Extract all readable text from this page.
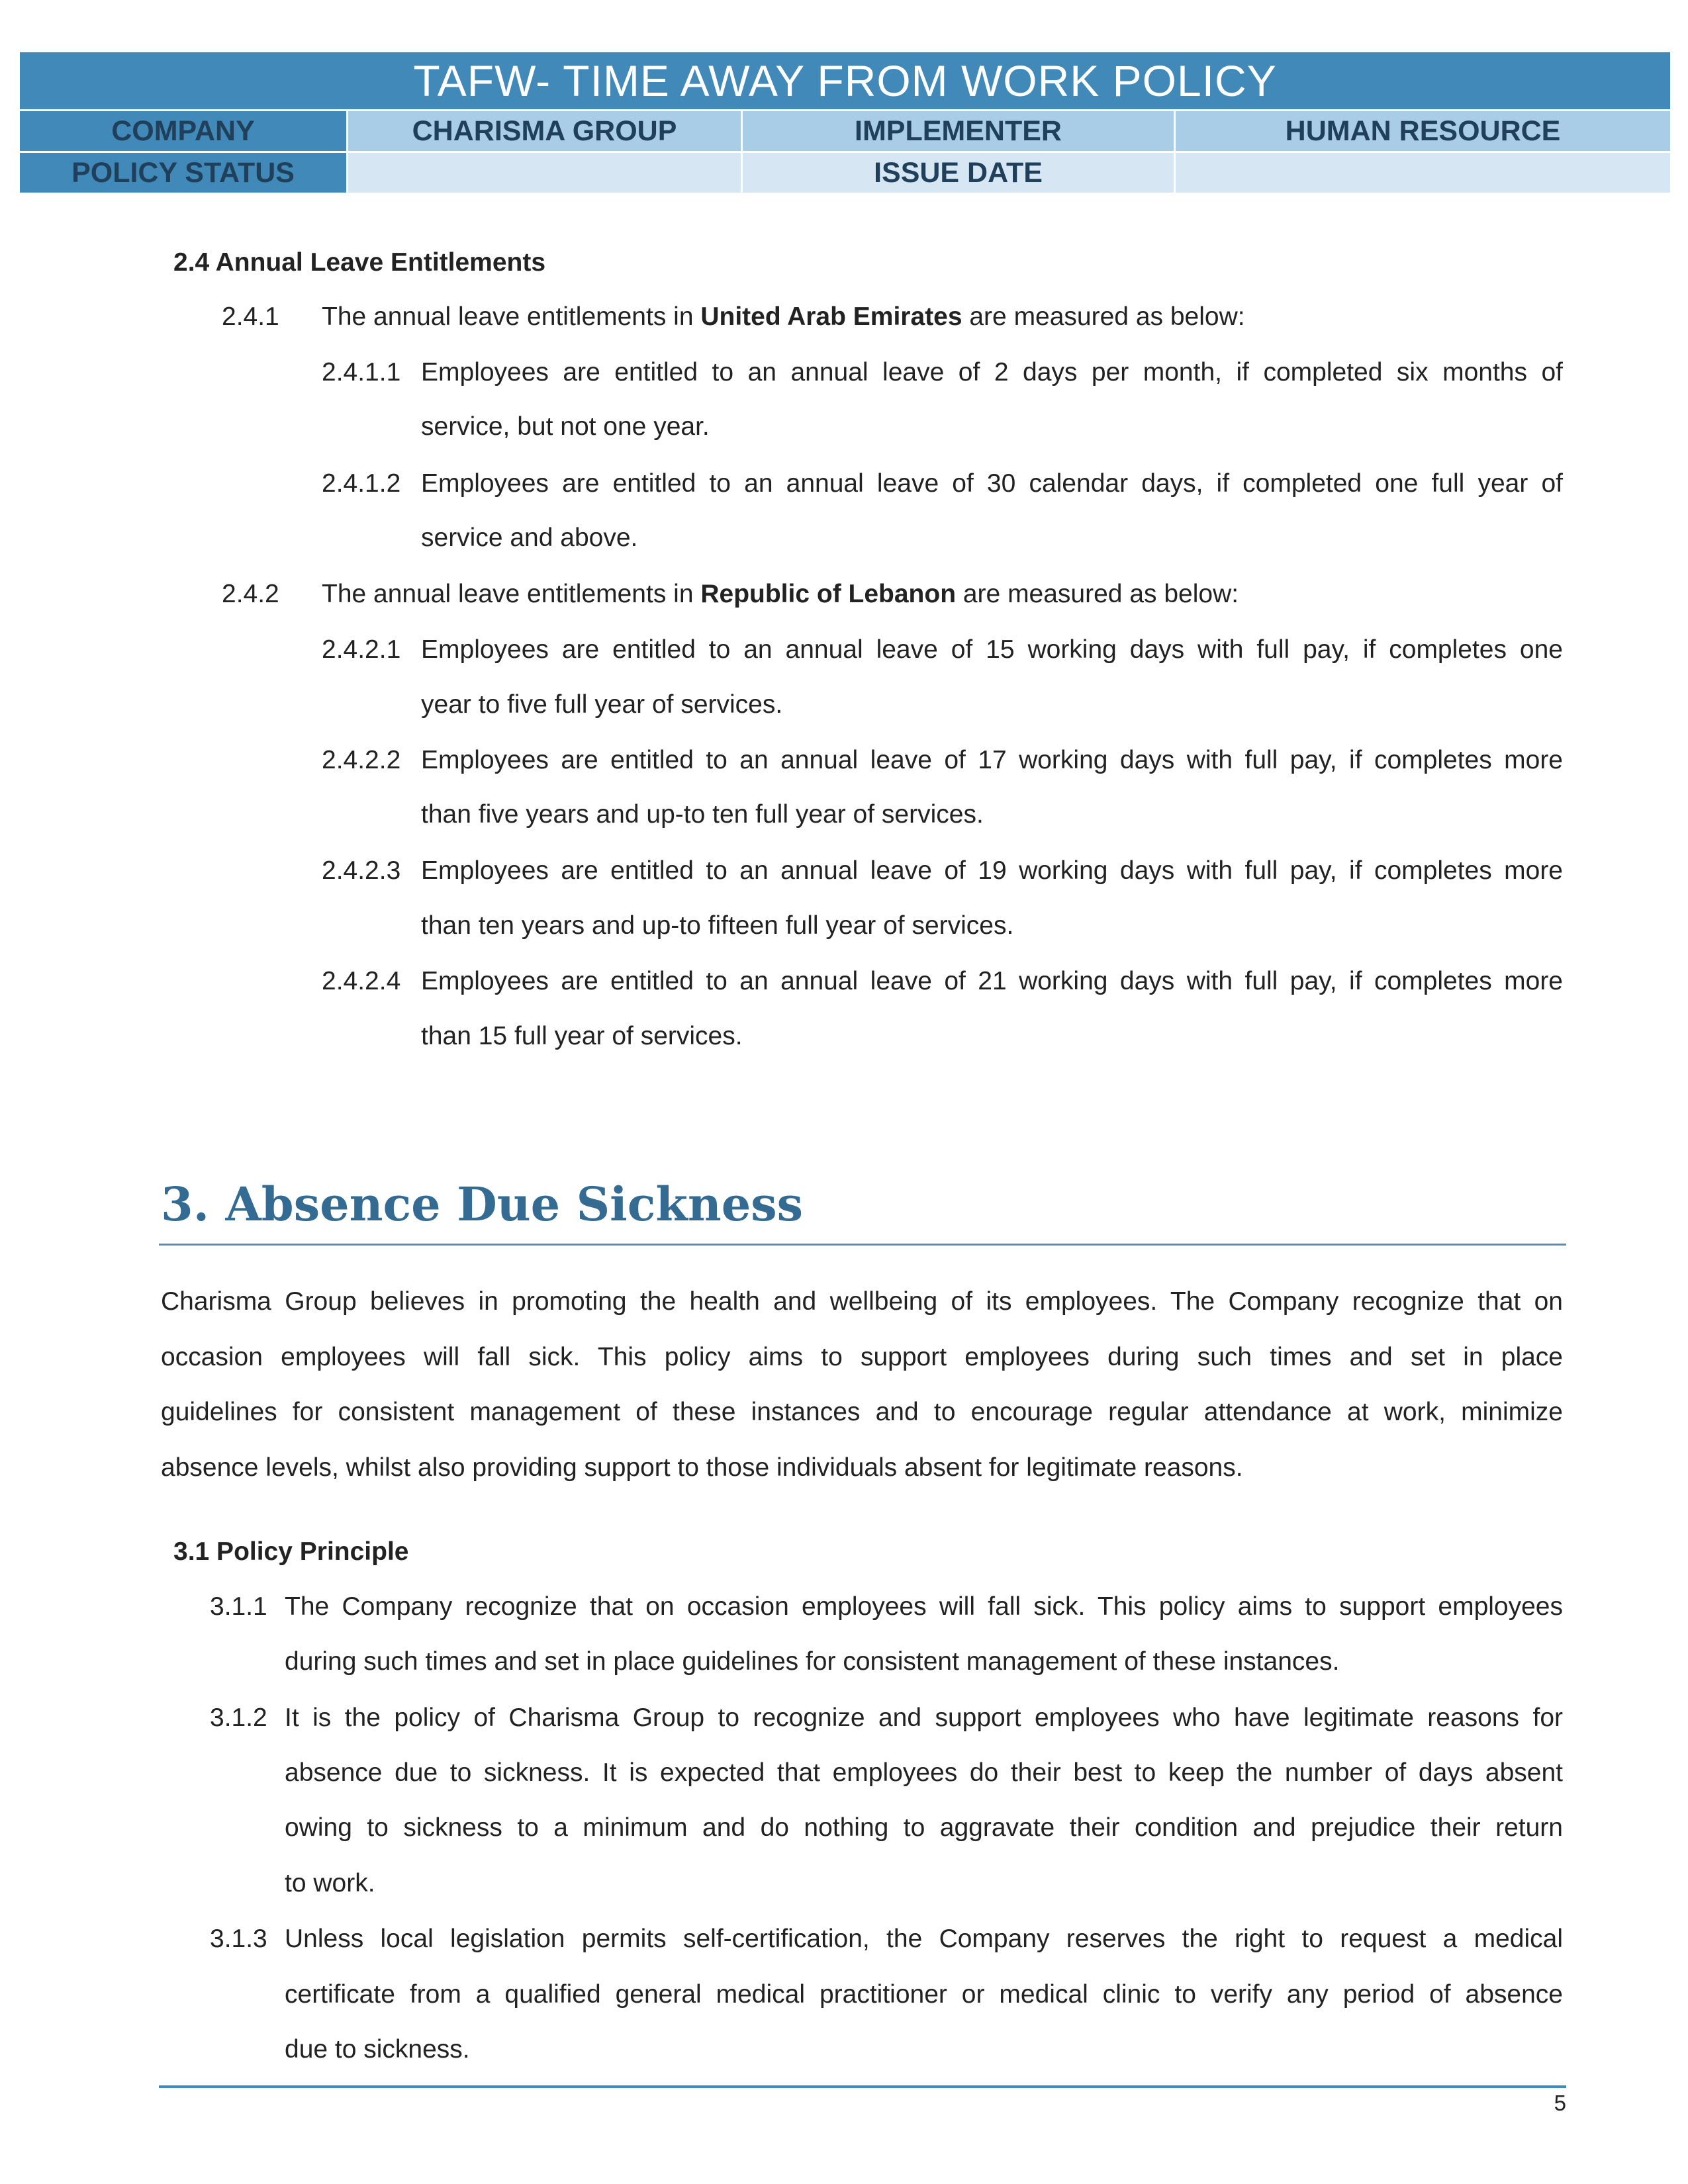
TAFW- TIME AWAY FROM WORK POLICY			
COMPANY	CHARISMA GROUP	IMPLEMENTER	HUMAN RESOURCE
POLICY STATUS		ISSUE DATE	
2.4 Annual Leave Entitlements
2.4.1 The annual leave entitlements in United Arab Emirates are measured as below:
2.4.1.1 Employees are entitled to an annual leave of 2 days per month, if completed six months of
service, but not one year.
2.4.1.2 Employees are entitled to an annual leave of 30 calendar days, if completed one full year of
service and above.
2.4.2 The annual leave entitlements in Republic of Lebanon are measured as below:
2.4.2.1 Employees are entitled to an annual leave of 15 working days with full pay, if completes one
year to five full year of services.
2.4.2.2 Employees are entitled to an annual leave of 17 working days with full pay, if completes more
than five years and up-to ten full year of services.
2.4.2.3 Employees are entitled to an annual leave of 19 working days with full pay, if completes more
than ten years and up-to fifteen full year of services.
2.4.2.4 Employees are entitled to an annual leave of 21 working days with full pay, if completes more
than 15 full year of services.
3. Absence Due Sickness
Charisma Group believes in promoting the health and wellbeing of its employees. The Company recognize that on
occasion employees will fall sick. This policy aims to support employees during such times and set in place
guidelines for consistent management of these instances and to encourage regular attendance at work, minimize
absence levels, whilst also providing support to those individuals absent for legitimate reasons.
3.1 Policy Principle
3.1.1 The Company recognize that on occasion employees will fall sick. This policy aims to support employees
during such times and set in place guidelines for consistent management of these instances.
3.1.2 It is the policy of Charisma Group to recognize and support employees who have legitimate reasons for
absence due to sickness. It is expected that employees do their best to keep the number of days absent
owing to sickness to a minimum and do nothing to aggravate their condition and prejudice their return
to work.
3.1.3 Unless local legislation permits self-certification, the Company reserves the right to request a medical
certificate from a qualified general medical practitioner or medical clinic to verify any period of absence
due to sickness.
5
